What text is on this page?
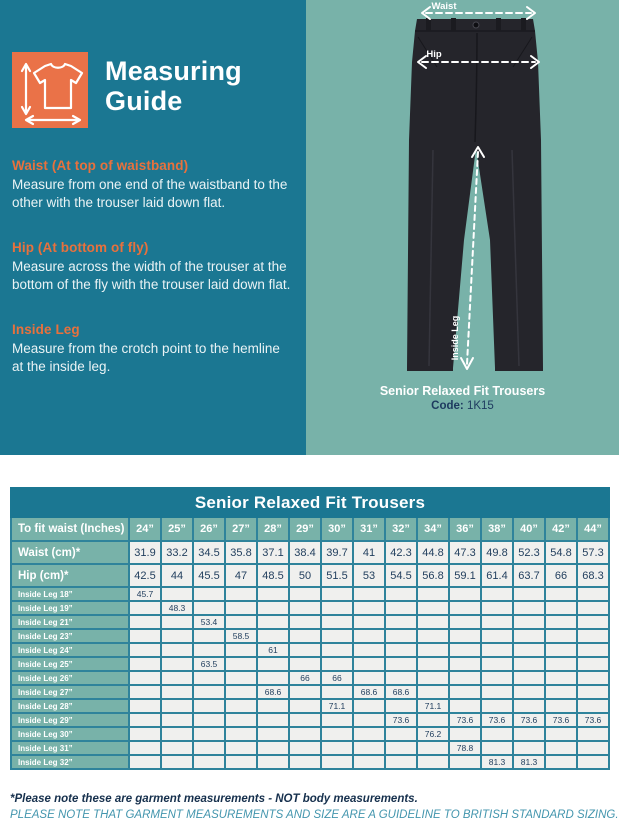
Measuring
Guide
Waist (At top of waistband)

Measure from one end of the waistband to the other with the trouser laid down flat.

Hip (At bottom of fly)

Measure across the width of the trouser at the bottom of the fly with the trouser laid down flat.

Inside Leg

Measure from the crotch point to the hemline at the inside leg.

Waist
Hip
Inside Leg
Senior Relaxed Fit Trousers
Code: 1K15
Senior Relaxed Fit Trousers															
To fit waist (Inches)	24”	25”	26”	27”	28”	29”	30”	31”	32”	34”	36”	38”	40”	42”	44”
Waist (cm)*	31.9	33.2	34.5	35.8	37.1	38.4	39.7	41	42.3	44.8	47.3	49.8	52.3	54.8	57.3
Hip (cm)*	42.5	44	45.5	47	48.5	50	51.5	53	54.5	56.8	59.1	61.4	63.7	66	68.3
Inside Leg 18”	45.7														
Inside Leg 19”		48.3													
Inside Leg 21”			53.4												
Inside Leg 23”				58.5											
Inside Leg 24”					61										
Inside Leg 25”			63.5												
Inside Leg 26”						66	66								
Inside Leg 27”					68.6			68.6	68.6						
Inside Leg 28”							71.1			71.1					
Inside Leg 29”									73.6		73.6	73.6	73.6	73.6	73.6
Inside Leg 30”										76.2					
Inside Leg 31”											78.8				
Inside Leg 32”												81.3	81.3		
*Please note these are garment measurements - NOT body measurements.
PLEASE NOTE THAT GARMENT MEASUREMENTS AND SIZE ARE A GUIDELINE TO BRITISH STANDARD SIZING.
